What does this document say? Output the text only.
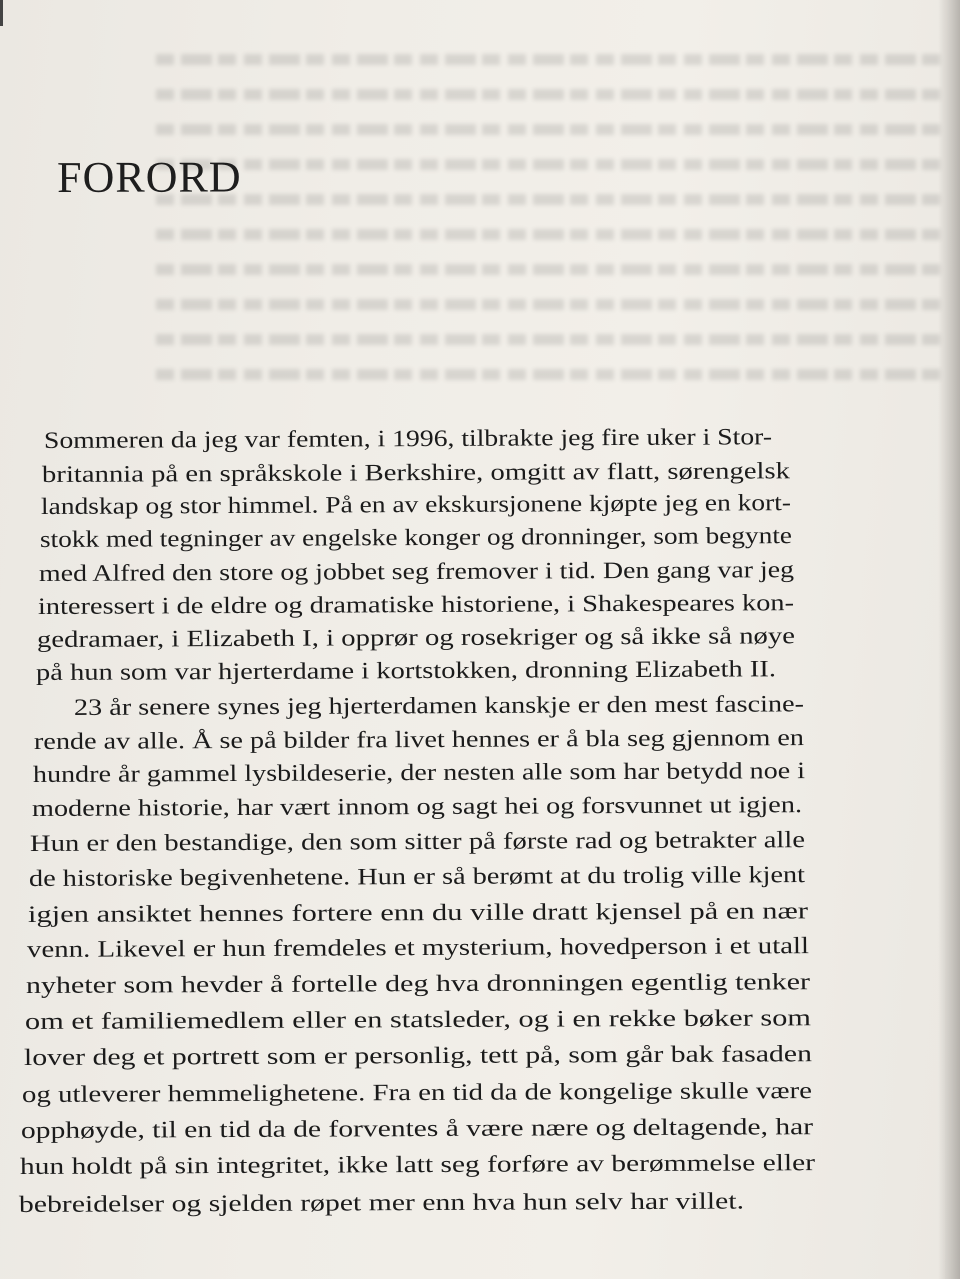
FORORD
Sommeren da jeg var femten, i 1996, tilbrakte jeg fire uker i Stor-
britannia på en språkskole i Berkshire, omgitt av flatt, sørengelsk
landskap og stor himmel. På en av ekskursjonene kjøpte jeg en kort-
stokk med tegninger av engelske konger og dronninger, som begynte
med Alfred den store og jobbet seg fremover i tid. Den gang var jeg
interessert i de eldre og dramatiske historiene, i Shakespeares kon-
gedramaer, i Elizabeth I, i opprør og rosekriger og så ikke så nøye
på hun som var hjerterdame i kortstokken, dronning Elizabeth II.
23 år senere synes jeg hjerterdamen kanskje er den mest fascine-
rende av alle. Å se på bilder fra livet hennes er å bla seg gjennom en
hundre år gammel lysbildeserie, der nesten alle som har betydd noe i
moderne historie, har vært innom og sagt hei og forsvunnet ut igjen.
Hun er den bestandige, den som sitter på første rad og betrakter alle
de historiske begivenhetene. Hun er så berømt at du trolig ville kjent
igjen ansiktet hennes fortere enn du ville dratt kjensel på en nær
venn. Likevel er hun fremdeles et mysterium, hovedperson i et utall
nyheter som hevder å fortelle deg hva dronningen egentlig tenker
om et familiemedlem eller en statsleder, og i en rekke bøker som
lover deg et portrett som er personlig, tett på, som går bak fasaden
og utleverer hemmelighetene. Fra en tid da de kongelige skulle være
opphøyde, til en tid da de forventes å være nære og deltagende, har
hun holdt på sin integritet, ikke latt seg forføre av berømmelse eller
bebreidelser og sjelden røpet mer enn hva hun selv har villet.
